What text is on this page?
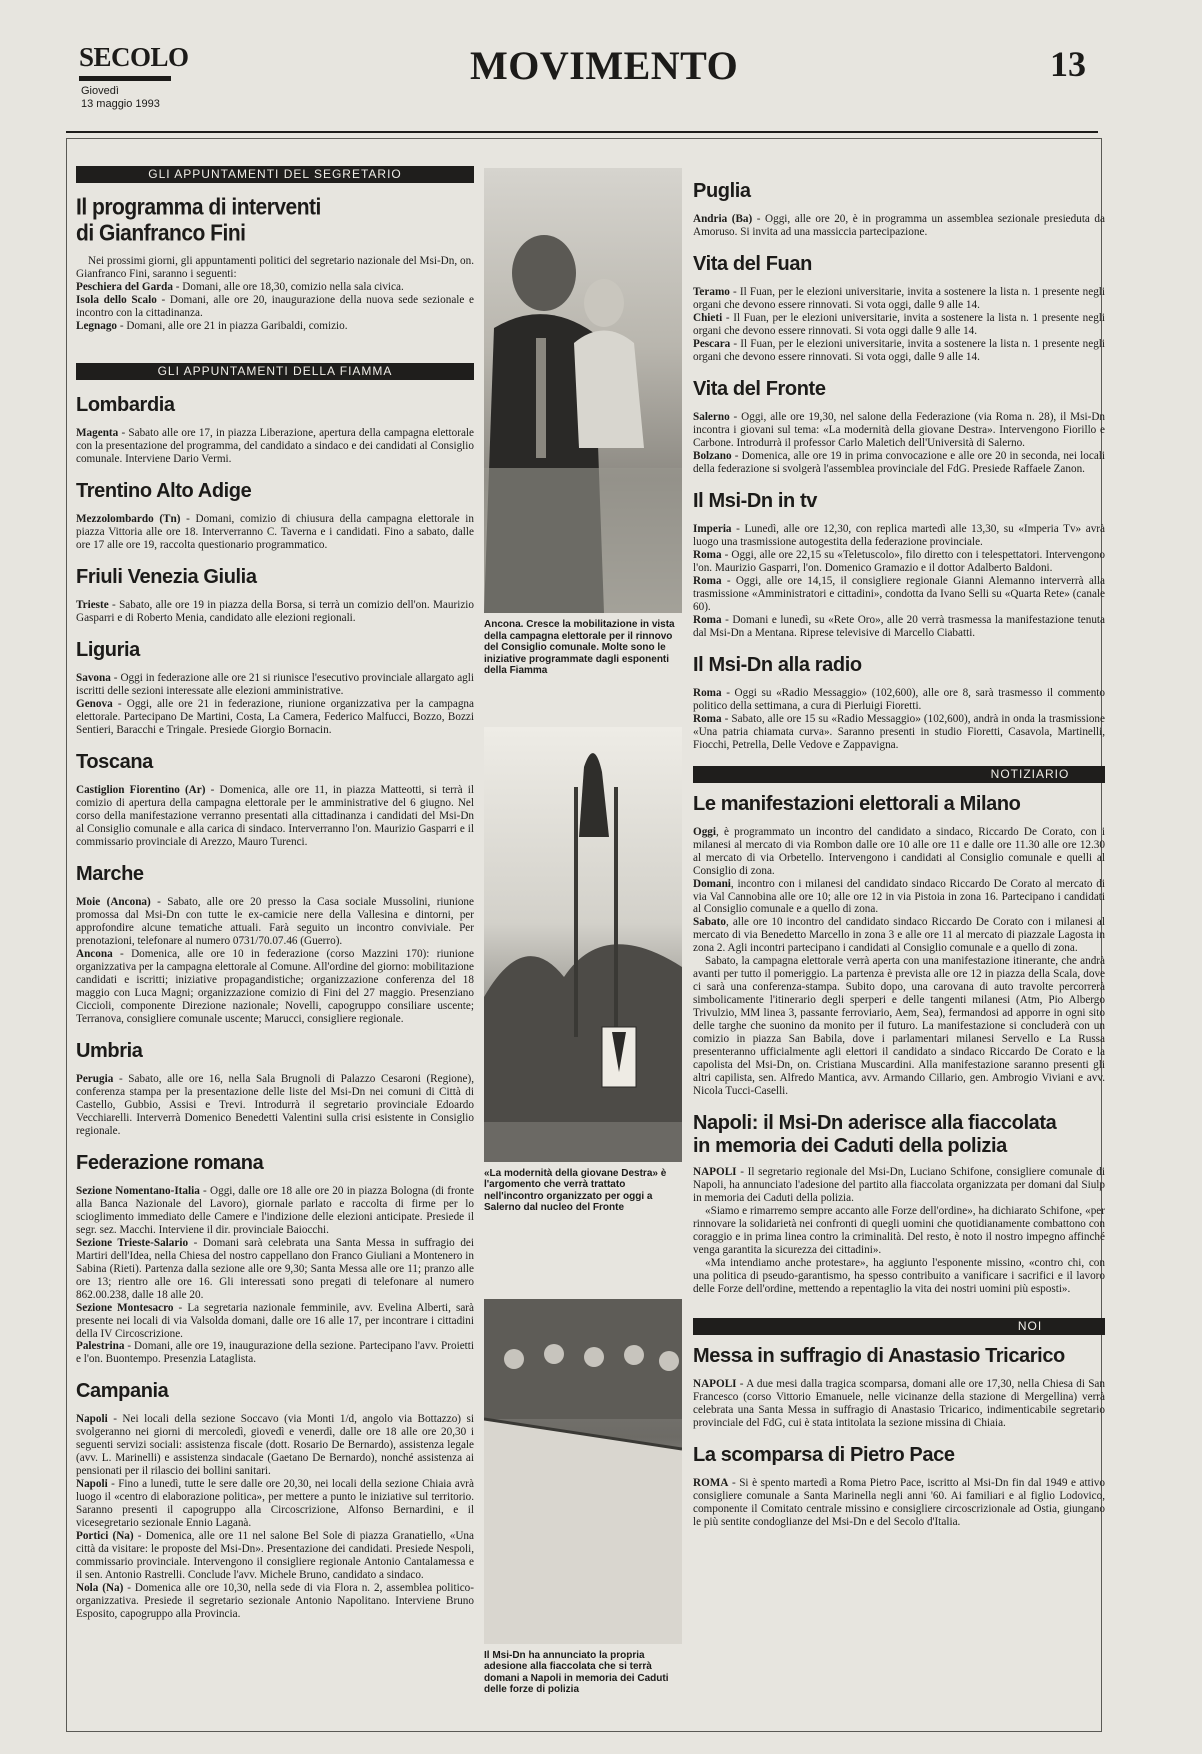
SECOLO
Giovedì
13 maggio 1993
MOVIMENTO	13
GLI APPUNTAMENTI DEL SEGRETARIO
Il programma di interventi
di Gianfranco Fini

Nei prossimi giorni, gli appuntamenti politici del segretario nazionale del Msi-Dn, on. Gianfranco Fini, saranno i seguenti:

Peschiera del Garda - Domani, alle ore 18,30, comizio nella sala civica.

Isola dello Scalo - Domani, alle ore 20, inaugurazione della nuova sede sezionale e incontro con la cittadinanza.

Legnago - Domani, alle ore 21 in piazza Garibaldi, comizio.

GLI APPUNTAMENTI DELLA FIAMMA
Lombardia

Magenta - Sabato alle ore 17, in piazza Liberazione, apertura della campagna elettorale con la presentazione del programma, del candidato a sindaco e dei candidati al Consiglio comunale. Interviene Dario Vermi.

Trentino Alto Adige

Mezzolombardo (Tn) - Domani, comizio di chiusura della campagna elettorale in piazza Vittoria alle ore 18. Interverranno C. Taverna e i candidati. Fino a sabato, dalle ore 17 alle ore 19, raccolta questionario programmatico.

Friuli Venezia Giulia

Trieste - Sabato, alle ore 19 in piazza della Borsa, si terrà un comizio dell'on. Maurizio Gasparri e di Roberto Menia, candidato alle elezioni regionali.

Liguria

Savona - Oggi in federazione alle ore 21 si riunisce l'esecutivo provinciale allargato agli iscritti delle sezioni interessate alle elezioni amministrative.

Genova - Oggi, alle ore 21 in federazione, riunione organizzativa per la campagna elettorale. Partecipano De Martini, Costa, La Camera, Federico Malfucci, Bozzo, Bozzi Sentieri, Baracchi e Tringale. Presiede Giorgio Bornacin.

Toscana

Castiglion Fiorentino (Ar) - Domenica, alle ore 11, in piazza Matteotti, si terrà il comizio di apertura della campagna elettorale per le amministrative del 6 giugno. Nel corso della manifestazione verranno presentati alla cittadinanza i candidati del Msi-Dn al Consiglio comunale e alla carica di sindaco. Interverranno l'on. Maurizio Gasparri e il commissario provinciale di Arezzo, Mauro Turenci.

Marche

Moie (Ancona) - Sabato, alle ore 20 presso la Casa sociale Mussolini, riunione promossa dal Msi-Dn con tutte le ex-camicie nere della Vallesina e dintorni, per approfondire alcune tematiche attuali. Farà seguito un incontro conviviale. Per prenotazioni, telefonare al numero 0731/70.07.46 (Guerro).

Ancona - Domenica, alle ore 10 in federazione (corso Mazzini 170): riunione organizzativa per la campagna elettorale al Comune. All'ordine del giorno: mobilitazione candidati e iscritti; iniziative propagandistiche; organizzazione conferenza del 18 maggio con Luca Magni; organizzazione comizio di Fini del 27 maggio. Presenziano Ciccioli, componente Direzione nazionale; Novelli, capogruppo consiliare uscente; Terranova, consigliere comunale uscente; Marucci, consigliere regionale.

Umbria

Perugia - Sabato, alle ore 16, nella Sala Brugnoli di Palazzo Cesaroni (Regione), conferenza stampa per la presentazione delle liste del Msi-Dn nei comuni di Città di Castello, Gubbio, Assisi e Trevi. Introdurrà il segretario provinciale Edoardo Vecchiarelli. Interverrà Domenico Benedetti Valentini sulla crisi esistente in Consiglio regionale.

Federazione romana

Sezione Nomentano-Italia - Oggi, dalle ore 18 alle ore 20 in piazza Bologna (di fronte alla Banca Nazionale del Lavoro), giornale parlato e raccolta di firme per lo scioglimento immediato delle Camere e l'indizione delle elezioni anticipate. Presiede il segr. sez. Macchi. Interviene il dir. provinciale Baiocchi.

Sezione Trieste-Salario - Domani sarà celebrata una Santa Messa in suffragio dei Martiri dell'Idea, nella Chiesa del nostro cappellano don Franco Giuliani a Montenero in Sabina (Rieti). Partenza dalla sezione alle ore 9,30; Santa Messa alle ore 11; pranzo alle ore 13; rientro alle ore 16. Gli interessati sono pregati di telefonare al numero 862.00.238, dalle 18 alle 20.

Sezione Montesacro - La segretaria nazionale femminile, avv. Evelina Alberti, sarà presente nei locali di via Valsolda domani, dalle ore 16 alle 17, per incontrare i cittadini della IV Circoscrizione.

Palestrina - Domani, alle ore 19, inaugurazione della sezione. Partecipano l'avv. Proietti e l'on. Buontempo. Presenzia Lataglista.

Campania

Napoli - Nei locali della sezione Soccavo (via Monti 1/d, angolo via Bottazzo) si svolgeranno nei giorni di mercoledì, giovedì e venerdì, dalle ore 18 alle ore 20,30 i seguenti servizi sociali: assistenza fiscale (dott. Rosario De Bernardo), assistenza legale (avv. L. Marinelli) e assistenza sindacale (Gaetano De Bernardo), nonché assistenza ai pensionati per il rilascio dei bollini sanitari.

Napoli - Fino a lunedì, tutte le sere dalle ore 20,30, nei locali della sezione Chiaia avrà luogo il «centro di elaborazione politica», per mettere a punto le iniziative sul territorio. Saranno presenti il capogruppo alla Circoscrizione, Alfonso Bernardini, e il vicesegretario sezionale Ennio Laganà.

Portici (Na) - Domenica, alle ore 11 nel salone Bel Sole di piazza Granatiello, «Una città da visitare: le proposte del Msi-Dn». Presentazione dei candidati. Presiede Nespoli, commissario provinciale. Intervengono il consigliere regionale Antonio Cantalamessa e il sen. Antonio Rastrelli. Conclude l'avv. Michele Bruno, candidato a sindaco.

Nola (Na) - Domenica alle ore 10,30, nella sede di via Flora n. 2, assemblea politico-organizzativa. Presiede il segretario sezionale Antonio Napolitano. Interviene Bruno Esposito, capogruppo alla Provincia.

Ancona. Cresce la mobilitazione in vista della campagna elettorale per il rinnovo del Consiglio comunale. Molte sono le iniziative programmate dagli esponenti della Fiamma
«La modernità della giovane Destra» è l'argomento che verrà trattato nell'incontro organizzato per oggi a Salerno dal nucleo del Fronte
Il Msi-Dn ha annunciato la propria adesione alla fiaccolata che si terrà domani a Napoli in memoria dei Caduti delle forze di polizia
Puglia

Andria (Ba) - Oggi, alle ore 20, è in programma un assemblea sezionale presieduta da Amoruso. Si invita ad una massiccia partecipazione.

Vita del Fuan

Teramo - Il Fuan, per le elezioni universitarie, invita a sostenere la lista n. 1 presente negli organi che devono essere rinnovati. Si vota oggi, dalle 9 alle 14.

Chieti - Il Fuan, per le elezioni universitarie, invita a sostenere la lista n. 1 presente negli organi che devono essere rinnovati. Si vota oggi dalle 9 alle 14.

Pescara - Il Fuan, per le elezioni universitarie, invita a sostenere la lista n. 1 presente negli organi che devono essere rinnovati. Si vota oggi, dalle 9 alle 14.

Vita del Fronte

Salerno - Oggi, alle ore 19,30, nel salone della Federazione (via Roma n. 28), il Msi-Dn incontra i giovani sul tema: «La modernità della giovane Destra». Intervengono Fiorillo e Carbone. Introdurrà il professor Carlo Maletich dell'Università di Salerno.

Bolzano - Domenica, alle ore 19 in prima convocazione e alle ore 20 in seconda, nei locali della federazione si svolgerà l'assemblea provinciale del FdG. Presiede Raffaele Zanon.

Il Msi-Dn in tv

Imperia - Lunedì, alle ore 12,30, con replica martedì alle 13,30, su «Imperia Tv» avrà luogo una trasmissione autogestita della federazione provinciale.

Roma - Oggi, alle ore 22,15 su «Teletuscolo», filo diretto con i telespettatori. Intervengono l'on. Maurizio Gasparri, l'on. Domenico Gramazio e il dottor Adalberto Baldoni.

Roma - Oggi, alle ore 14,15, il consigliere regionale Gianni Alemanno interverrà alla trasmissione «Amministratori e cittadini», condotta da Ivano Selli su «Quarta Rete» (canale 60).

Roma - Domani e lunedì, su «Rete Oro», alle 20 verrà trasmessa la manifestazione tenuta dal Msi-Dn a Mentana. Riprese televisive di Marcello Ciabatti.

Il Msi-Dn alla radio

Roma - Oggi su «Radio Messaggio» (102,600), alle ore 8, sarà trasmesso il commento politico della settimana, a cura di Pierluigi Fioretti.

Roma - Sabato, alle ore 15 su «Radio Messaggio» (102,600), andrà in onda la trasmissione «Una patria chiamata curva». Saranno presenti in studio Fioretti, Casavola, Martinelli, Fiocchi, Petrella, Delle Vedove e Zappavigna.

NOTIZIARIO
Le manifestazioni elettorali a Milano

Oggi, è programmato un incontro del candidato a sindaco, Riccardo De Corato, con i milanesi al mercato di via Rombon dalle ore 10 alle ore 11 e dalle ore 11.30 alle ore 12.30 al mercato di via Orbetello. Intervengono i candidati al Consiglio comunale e quelli al Consiglio di zona.

Domani, incontro con i milanesi del candidato sindaco Riccardo De Corato al mercato di via Val Cannobina alle ore 10; alle ore 12 in via Pistoia in zona 16. Partecipano i candidati al Consiglio comunale e a quello di zona.

Sabato, alle ore 10 incontro del candidato sindaco Riccardo De Corato con i milanesi al mercato di via Benedetto Marcello in zona 3 e alle ore 11 al mercato di piazzale Lagosta in zona 2. Agli incontri partecipano i candidati al Consiglio comunale e a quello di zona.

Sabato, la campagna elettorale verrà aperta con una manifestazione itinerante, che andrà avanti per tutto il pomeriggio. La partenza è prevista alle ore 12 in piazza della Scala, dove ci sarà una conferenza-stampa. Subito dopo, una carovana di auto travolte percorrerà simbolicamente l'itinerario degli sperperi e delle tangenti milanesi (Atm, Pio Albergo Trivulzio, MM linea 3, passante ferroviario, Aem, Sea), fermandosi ad apporre in ogni sito delle targhe che suonino da monito per il futuro. La manifestazione si concluderà con un comizio in piazza San Babila, dove i parlamentari milanesi Servello e La Russa presenteranno ufficialmente agli elettori il candidato a sindaco Riccardo De Corato e la capolista del Msi-Dn, on. Cristiana Muscardini. Alla manifestazione saranno presenti gli altri capilista, sen. Alfredo Mantica, avv. Armando Cillario, gen. Ambrogio Viviani e avv. Nicola Tucci-Caselli.

Napoli: il Msi-Dn aderisce alla fiaccolata
in memoria dei Caduti della polizia

NAPOLI - Il segretario regionale del Msi-Dn, Luciano Schifone, consigliere comunale di Napoli, ha annunciato l'adesione del partito alla fiaccolata organizzata per domani dal Siulp in memoria dei Caduti della polizia.

«Siamo e rimarremo sempre accanto alle Forze dell'ordine», ha dichiarato Schifone, «per rinnovare la solidarietà nei confronti di quegli uomini che quotidianamente combattono con coraggio e in prima linea contro la criminalità. Del resto, è noto il nostro impegno affinché venga garantita la sicurezza dei cittadini».

«Ma intendiamo anche protestare», ha aggiunto l'esponente missino, «contro chi, con una politica di pseudo-garantismo, ha spesso contribuito a vanificare i sacrifici e il lavoro delle Forze dell'ordine, mettendo a repentaglio la vita dei nostri uomini più esposti».

NOI
Messa in suffragio di Anastasio Tricarico

NAPOLI - A due mesi dalla tragica scomparsa, domani alle ore 17,30, nella Chiesa di San Francesco (corso Vittorio Emanuele, nelle vicinanze della stazione di Mergellina) verrà celebrata una Santa Messa in suffragio di Anastasio Tricarico, indimenticabile segretario provinciale del FdG, cui è stata intitolata la sezione missina di Chiaia.

La scomparsa di Pietro Pace

ROMA - Si è spento martedì a Roma Pietro Pace, iscritto al Msi-Dn fin dal 1949 e attivo consigliere comunale a Santa Marinella negli anni '60. Ai familiari e al figlio Lodovico, componente il Comitato centrale missino e consigliere circoscrizionale ad Ostia, giungano le più sentite condoglianze del Msi-Dn e del Secolo d'Italia.
